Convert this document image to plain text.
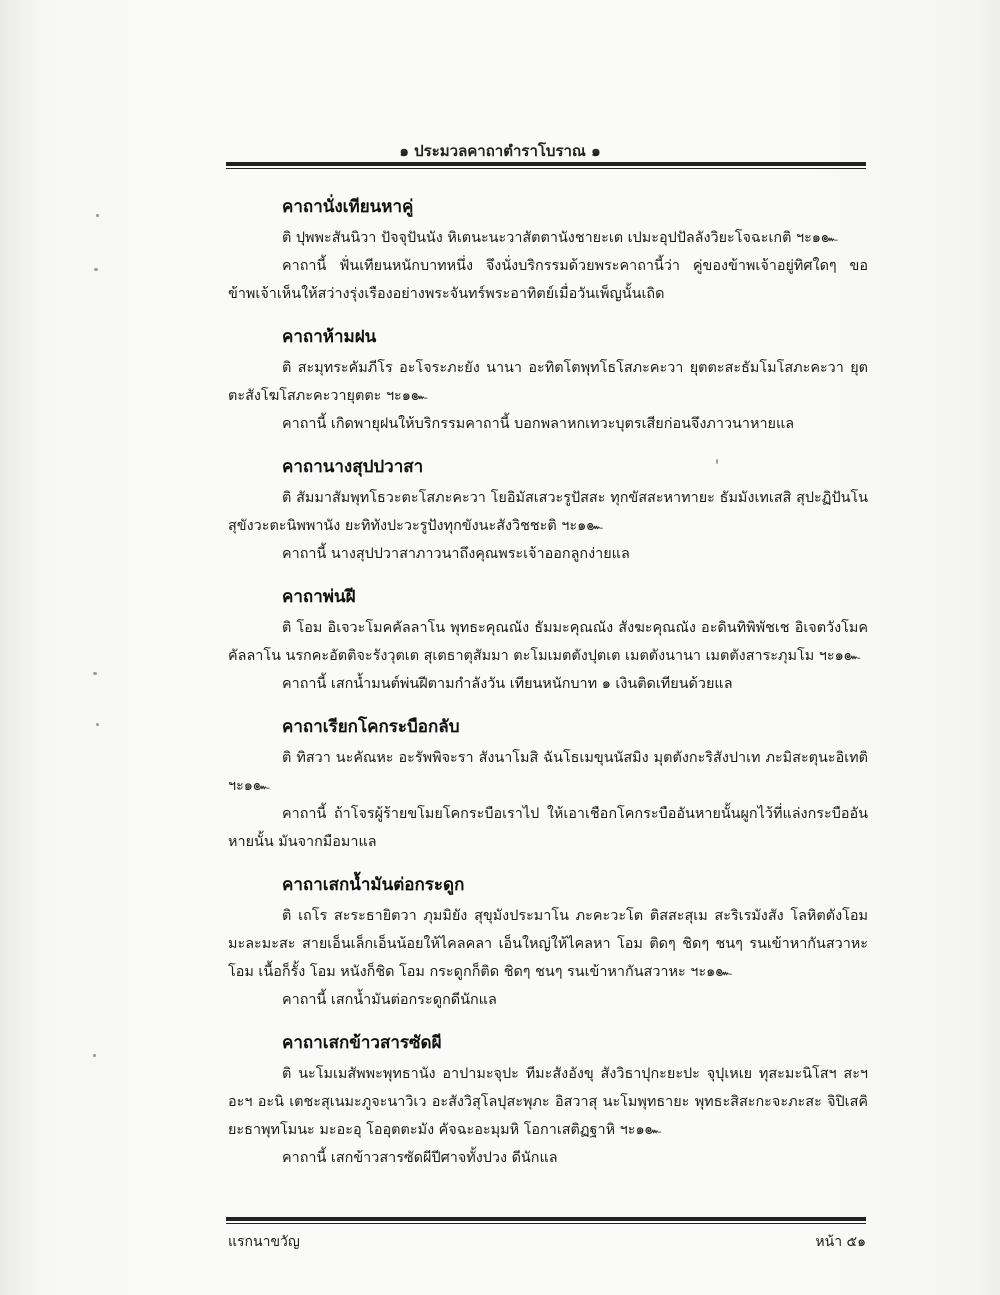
๑ ประมวลคาถาตำราโบราณ ๑
คาถานั่งเทียนหาคู่

ติ ปุพพะสันนิวา ปัจจุปันนัง หิเตนะนะวาสัตตานังชายะเต เปมะอุปปัลลังวิยะโจฉะเกติ ฯะ๑๛

คาถานี้ ฟั่นเทียนหนักบาทหนึ่ง จึงนั่งบริกรรมด้วยพระคาถานี้ว่า คู่ของข้าพเจ้าอยู่ทิศใดๆ ขอข้าพเจ้าเห็นให้สว่างรุ่งเรืองอย่างพระจันทร์พระอาทิตย์เมื่อวันเพ็ญนั้นเถิด

คาถาห้ามฝน

ติ สะมุทระคัมภีโร อะโจระภะยัง นานา อะทิตโตพุทโธโสภะคะวา ยุตตะสะธัมโมโสภะคะวา ยุตตะสังโฆโสภะคะวายุตตะ ฯะ๑๛

คาถานี้ เกิดพายุฝนให้บริกรรมคาถานี้ บอกพลาหกเทวะบุตรเสียก่อนจึงภาวนาหายแล

คาถานางสุปปวาสา

ติ สัมมาสัมพุทโธวะตะโสภะคะวา โยอิมัสเสวะรูปัสสะ ทุกขัสสะหาทายะ ธัมมังเทเสสิ สุปะฏิปันโน สุขังวะตะนิพพานัง ยะทิทังปะวะรูปังทุกขังนะสังวิชชะติ ฯะ๑๛

คาถานี้ นางสุปปวาสาภาวนาถึงคุณพระเจ้าออกลูกง่ายแล

คาถาพ่นฝี

ติ โอม อิเจวะโมคคัลลาโน พุทธะคุณณัง ธัมมะคุณณัง สังฆะคุณณัง อะดินทิพิพัชเช อิเจตวังโมคคัลลาโน นรกคะอัตติจะรังวุตเต สุเตธาตุสัมมา ตะโมเมตตังปุตเต เมตตังนานา เมตตังสาระภุมโม ฯะ๑๛

คาถานี้ เสกน้ำมนต์พ่นฝีตามกำลังวัน เทียนหนักบาท ๑ เงินติดเทียนด้วยแล

คาถาเรียกโคกระบือกลับ

ติ ทิสวา นะคัณหะ อะรัพพิจะรา สังนาโมสิ ฉันโธเมขุนนัสมิง มุตตังกะริสังปาเท ภะมิสะตุนะอิเทติ ฯะ๑๛

คาถานี้ ถ้าโจรผู้ร้ายขโมยโคกระบือเราไป ให้เอาเชือกโคกระบืออันหายนั้นผูกไว้ที่แล่งกระบืออันหายนั้น มันจากมือมาแล

คาถาเสกน้ำมันต่อกระดูก

ติ เถโร สะระธายิตวา ภุมมิยัง สุขุมังประมาโน ภะคะวะโต ติสสะสุเม สะริเรมังสัง โลหิตตังโอม มะละมะสะ สายเอ็นเล็กเอ็นน้อยให้ไคลคลา เอ็นใหญ่ให้ไคลหา โอม ติดๆ ชิดๆ ชนๆ รนเข้าหากันสวาหะ โอม เนื้อก็รั้ง โอม หนังก็ชิด โอม กระดูกก็ติด ชิดๆ ชนๆ รนเข้าหากันสวาหะ ฯะ๑๛

คาถานี้ เสกน้ำมันต่อกระดูกดีนักแล

คาถาเสกข้าวสารซัดผี

ติ นะโมเมสัพพะพุทธานัง อาปามะจุปะ ทีมะสังอังขุ สังวิธาปุกะยะปะ จุปุเหเย ทุสะมะนิโสฯ สะฯ อะฯ อะนิ เตชะสุเนมะภูจะนาวิเว อะสังวิสุโลปุสะพุภะ อิสวาสุ นะโมพุทธายะ พุทธะสิสะกะจะภะสะ จิปิเสคิ ยะธาพุทโมนะ มะอะอุ โออุตตะมัง คัจฉะอะมุมหิ โอกาเสติฏฐาหิ ฯะ๑๛

คาถานี้ เสกข้าวสารซัดผีปีศาจทั้งปวง ดีนักแล

แรกนาขวัญ	หน้า ๕๑
